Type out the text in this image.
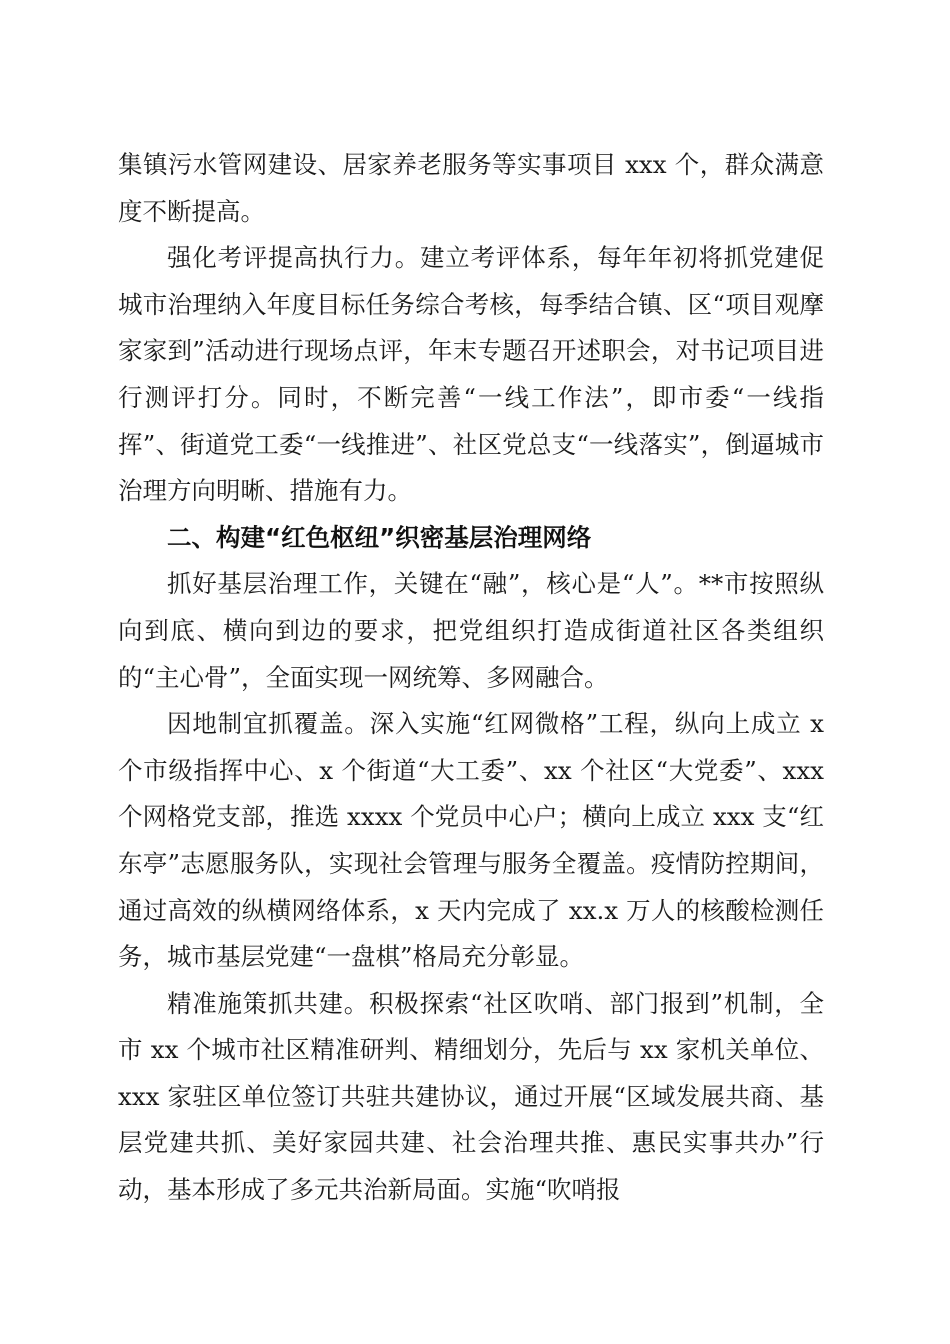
集镇污水管网建设、居家养老服务等实事项目 xxx 个，群众满意度不断提高。

强化考评提高执行力。建立考评体系，每年年初将抓党建促城市治理纳入年度目标任务综合考核，每季结合镇、区“项目观摩家家到”活动进行现场点评，年末专题召开述职会，对书记项目进行测评打分。同时，不断完善“一线工作法”，即市委“一线指挥”、街道党工委“一线推进”、社区党总支“一线落实”，倒逼城市治理方向明晰、措施有力。

二、构建“红色枢纽”织密基层治理网络

抓好基层治理工作，关键在“融”，核心是“人”。**市按照纵向到底、横向到边的要求，把党组织打造成街道社区各类组织的“主心骨”，全面实现一网统筹、多网融合。

因地制宜抓覆盖。深入实施“红网微格”工程，纵向上成立 x 个市级指挥中心、x 个街道“大工委”、xx 个社区“大党委”、xxx 个网格党支部，推选 xxxx 个党员中心户；横向上成立 xxx 支“红东亭”志愿服务队，实现社会管理与服务全覆盖。疫情防控期间，通过高效的纵横网络体系，x 天内完成了 xx.x 万人的核酸检测任务，城市基层党建“一盘棋”格局充分彰显。

精准施策抓共建。积极探索“社区吹哨、部门报到”机制，全市 xx 个城市社区精准研判、精细划分，先后与 xx 家机关单位、xxx 家驻区单位签订共驻共建协议，通过开展“区域发展共商、基层党建共抓、美好家园共建、社会治理共推、惠民实事共办”行动，基本形成了多元共治新局面。实施“吹哨报
